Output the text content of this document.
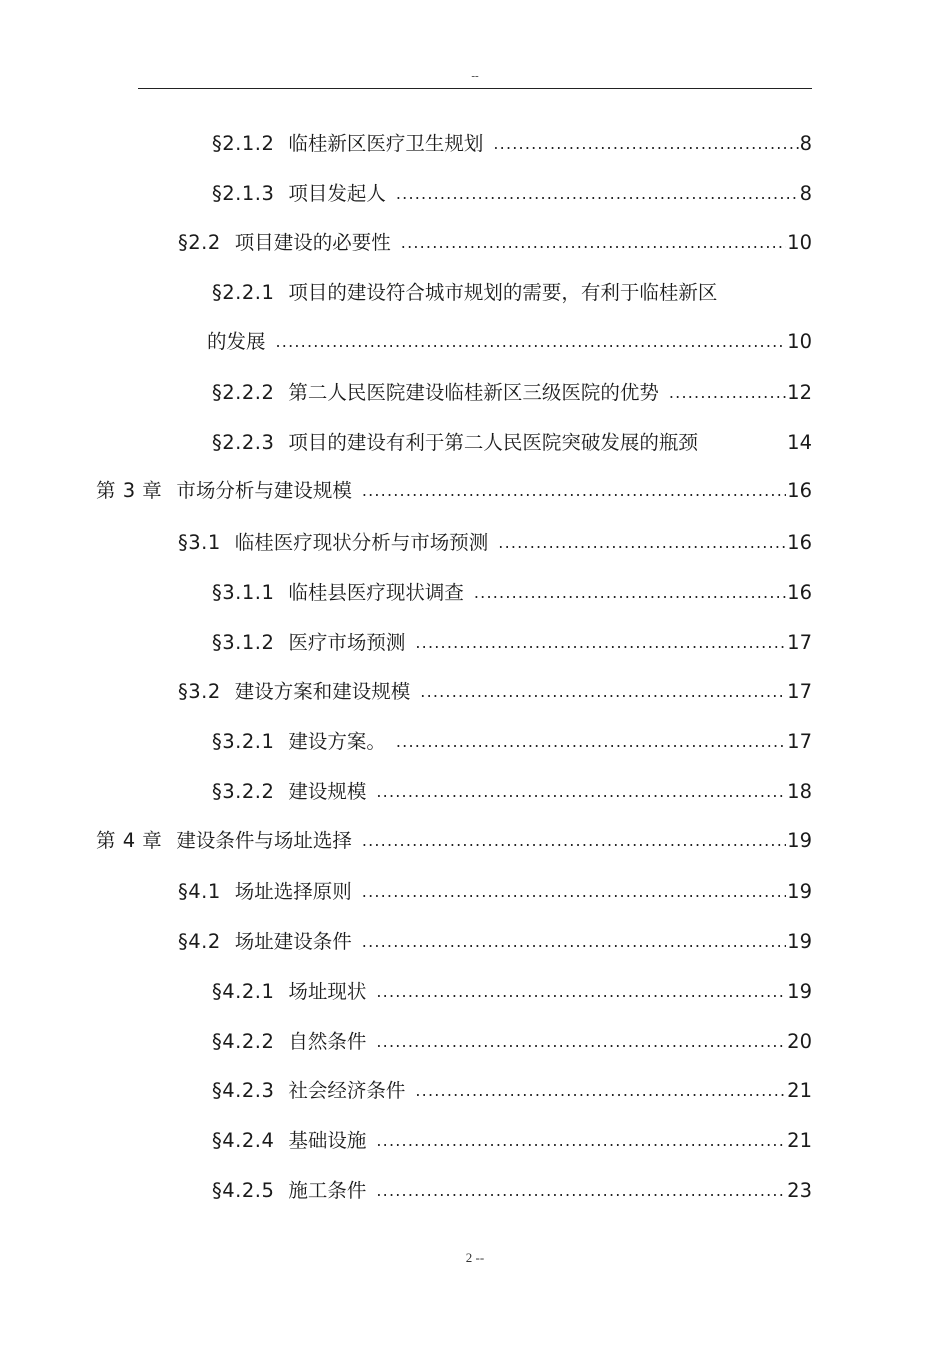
--
§2.1.2 临桂新区医疗卫生规划 .....	8
§2.1.3 项目发起人 .....	8
§2.2 项目建设的必要性 .....	10
§2.2.1 项目的建设符合城市规划的需要，有利于临桂新区
的发展 .....	10
§2.2.2 第二人民医院建设临桂新区三级医院的优势 .....	12
§2.2.3 项目的建设有利于第二人民医院突破发展的瓶颈	14
第 3 章 市场分析与建设规模 .....	16
§3.1 临桂医疗现状分析与市场预测 .....	16
§3.1.1 临桂县医疗现状调查 .....	16
§3.1.2 医疗市场预测 .....	17
§3.2 建设方案和建设规模 .....	17
§3.2.1 建设方案。 .....	17
§3.2.2 建设规模 .....	18
第 4 章 建设条件与场址选择 .....	19
§4.1 场址选择原则 .....	19
§4.2 场址建设条件 .....	19
§4.2.1 场址现状 .....	19
§4.2.2 自然条件 .....	20
§4.2.3 社会经济条件 .....	21
§4.2.4 基础设施 .....	21
§4.2.5 施工条件 .....	23
2 --
